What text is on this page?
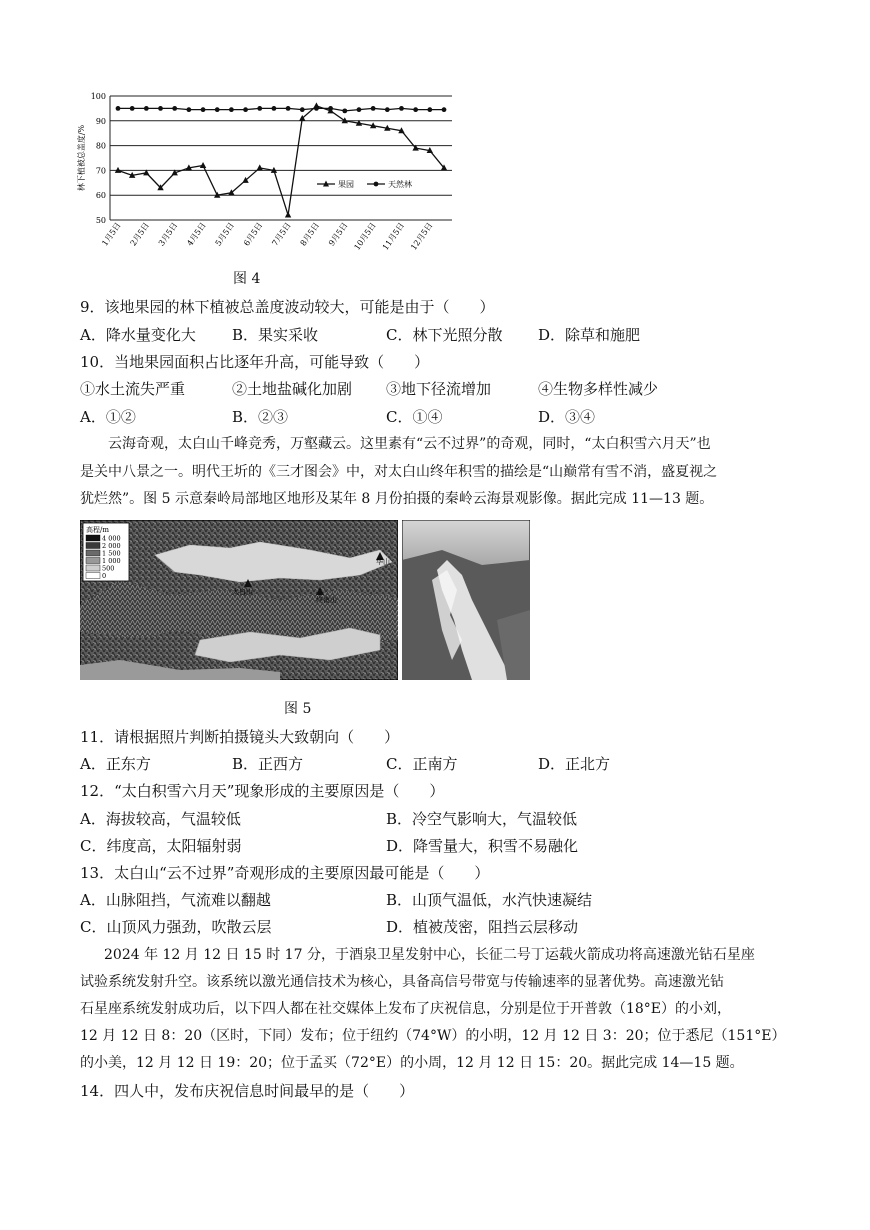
50
60
70
80
90
100
林下植被总盖度/%
1月5日 2月5日 3月5日 4月5日 5月5日 6月5日 7月5日 8月5日 9月5日 10月5日 11月5日 12月5日
果园	天然林
图 4
9．该地果园的林下植被总盖度波动较大，可能是由于（　　）
A．降水量变化大 B．果实采收	C．林下光照分散 D．除草和施肥
10．当地果园面积占比逐年升高，可能导致（　　）
①水土流失严重	②土地盐碱化加剧 ③地下径流增加	④生物多样性减少
A．①②	B．②③	C．①④	D．③④
云海奇观，太白山千峰竞秀，万壑藏云。这里素有“云不过界”的奇观，同时，“太白积雪六月天”也
是关中八景之一。明代王圻的《三才图会》中，对太白山终年积雪的描绘是“山巅常有雪不消，盛夏视之
犹烂然”。图 5 示意秦岭局部地区地形及某年 8 月份拍摄的秦岭云海景观影像。据此完成 11—13 题。
高程/m
4 000
2 000
1 500
1 000
500
0
华山
太白山
终南山
图 5
11．请根据照片判断拍摄镜头大致朝向（　　）
A．正东方	B．正西方	C．正南方	D．正北方
12．“太白积雪六月天”现象形成的主要原因是（　　）
A．海拔较高，气温较低	B．冷空气影响大，气温较低
C．纬度高，太阳辐射弱	D．降雪量大，积雪不易融化
13．太白山“云不过界”奇观形成的主要原因最可能是（　　）
A．山脉阻挡，气流难以翻越	B．山顶气温低，水汽快速凝结
C．山顶风力强劲，吹散云层	D．植被茂密，阻挡云层移动
2024 年 12 月 12 日 15 时 17 分，于酒泉卫星发射中心，长征二号丁运载火箭成功将高速激光钻石星座
试验系统发射升空。该系统以激光通信技术为核心，具备高信号带宽与传输速率的显著优势。高速激光钻
石星座系统发射成功后，以下四人都在社交媒体上发布了庆祝信息，分别是位于开普敦（18°E）的小刘，
12 月 12 日 8：20（区时，下同）发布；位于纽约（74°W）的小明，12 月 12 日 3：20；位于悉尼（151°E）
的小美，12 月 12 日 19：20；位于孟买（72°E）的小周，12 月 12 日 15：20。据此完成 14—15 题。
14．四人中，发布庆祝信息时间最早的是（　　）
